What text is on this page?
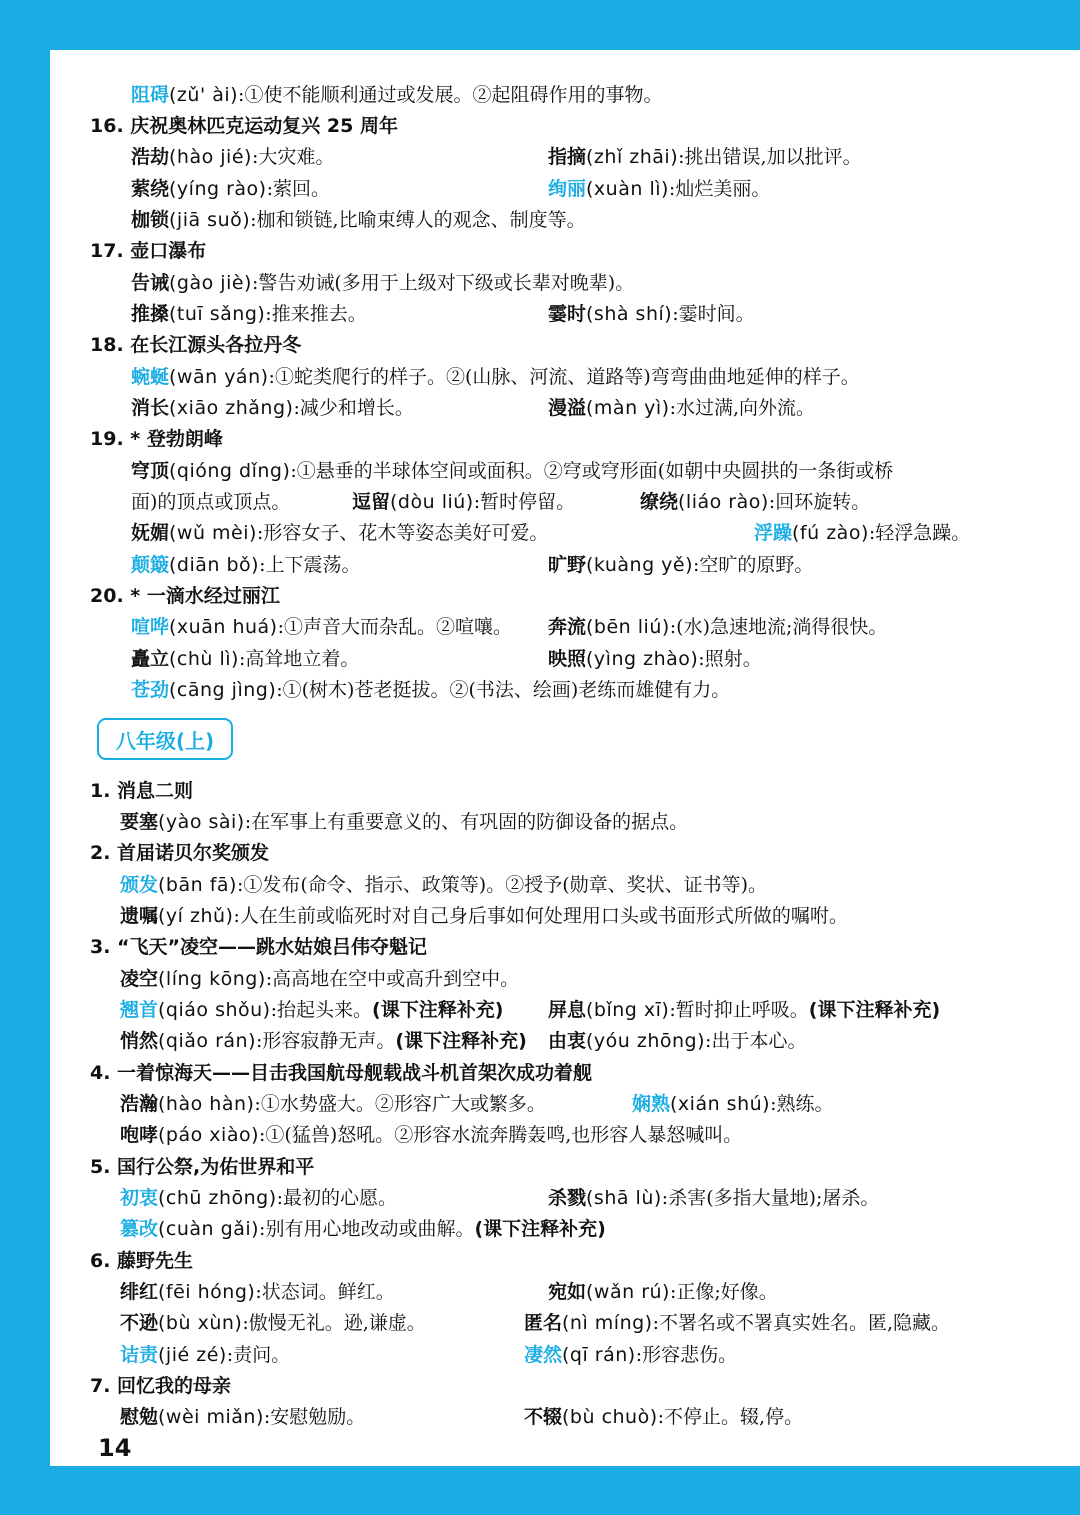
阻碍(zǔ' ài):①使不能顺利通过或发展。②起阻碍作用的事物。
16. 庆祝奥林匹克运动复兴 25 周年
浩劫(hào jié):大灾难。	指摘(zhǐ zhāi):挑出错误,加以批评。
萦绕(yíng rào):萦回。	绚丽(xuàn lì):灿烂美丽。
枷锁(jiā suǒ):枷和锁链,比喻束缚人的观念、制度等。
17. 壶口瀑布
告诫(gào jiè):警告劝诫(多用于上级对下级或长辈对晚辈)。
推搡(tuī sǎng):推来推去。	霎时(shà shí):霎时间。
18. 在长江源头各拉丹冬
蜿蜒(wān yán):①蛇类爬行的样子。②(山脉、河流、道路等)弯弯曲曲地延伸的样子。
消长(xiāo zhǎng):减少和增长。	漫溢(màn yì):水过满,向外流。
19. * 登勃朗峰
穹顶(qióng dǐng):①悬垂的半球体空间或面积。②穹或穹形面(如朝中央圆拱的一条街或桥
面)的顶点或顶点。	逗留(dòu liú):暂时停留。	缭绕(liáo rào):回环旋转。
妩媚(wǔ mèi):形容女子、花木等姿态美好可爱。	浮躁(fú zào):轻浮急躁。
颠簸(diān bǒ):上下震荡。	旷野(kuàng yě):空旷的原野。
20. * 一滴水经过丽江
喧哗(xuān huá):①声音大而杂乱。②喧嚷。 奔流(bēn liú):(水)急速地流;淌得很快。
矗立(chù lì):高耸地立着。	映照(yìng zhào):照射。
苍劲(cāng jìng):①(树木)苍老挺拔。②(书法、绘画)老练而雄健有力。
1. 消息二则
要塞(yào sài):在军事上有重要意义的、有巩固的防御设备的据点。
2. 首届诺贝尔奖颁发
颁发(bān fā):①发布(命令、指示、政策等)。②授予(勋章、奖状、证书等)。
遗嘱(yí zhǔ):人在生前或临死时对自己身后事如何处理用口头或书面形式所做的嘱咐。
3. “飞天”凌空——跳水姑娘吕伟夺魁记
凌空(líng kōng):高高地在空中或高升到空中。
翘首(qiáo shǒu):抬起头来。(课下注释补充) 屏息(bǐng xī):暂时抑止呼吸。(课下注释补充)
悄然(qiǎo rán):形容寂静无声。(课下注释补充) 由衷(yóu zhōng):出于本心。
4. 一着惊海天——目击我国航母舰载战斗机首架次成功着舰
浩瀚(hào hàn):①水势盛大。②形容广大或繁多。	娴熟(xián shú):熟练。
咆哮(páo xiào):①(猛兽)怒吼。②形容水流奔腾轰鸣,也形容人暴怒喊叫。
5. 国行公祭,为佑世界和平
初衷(chū zhōng):最初的心愿。	杀戮(shā lù):杀害(多指大量地);屠杀。
篡改(cuàn gǎi):别有用心地改动或曲解。(课下注释补充)
6. 藤野先生
绯红(fēi hóng):状态词。鲜红。	宛如(wǎn rú):正像;好像。
不逊(bù xùn):傲慢无礼。逊,谦虚。	匿名(nì míng):不署名或不署真实姓名。匿,隐藏。
诘责(jié zé):责问。	凄然(qī rán):形容悲伤。
7. 回忆我的母亲
慰勉(wèi miǎn):安慰勉励。	不辍(bù chuò):不停止。辍,停。
八年级(上)
14
